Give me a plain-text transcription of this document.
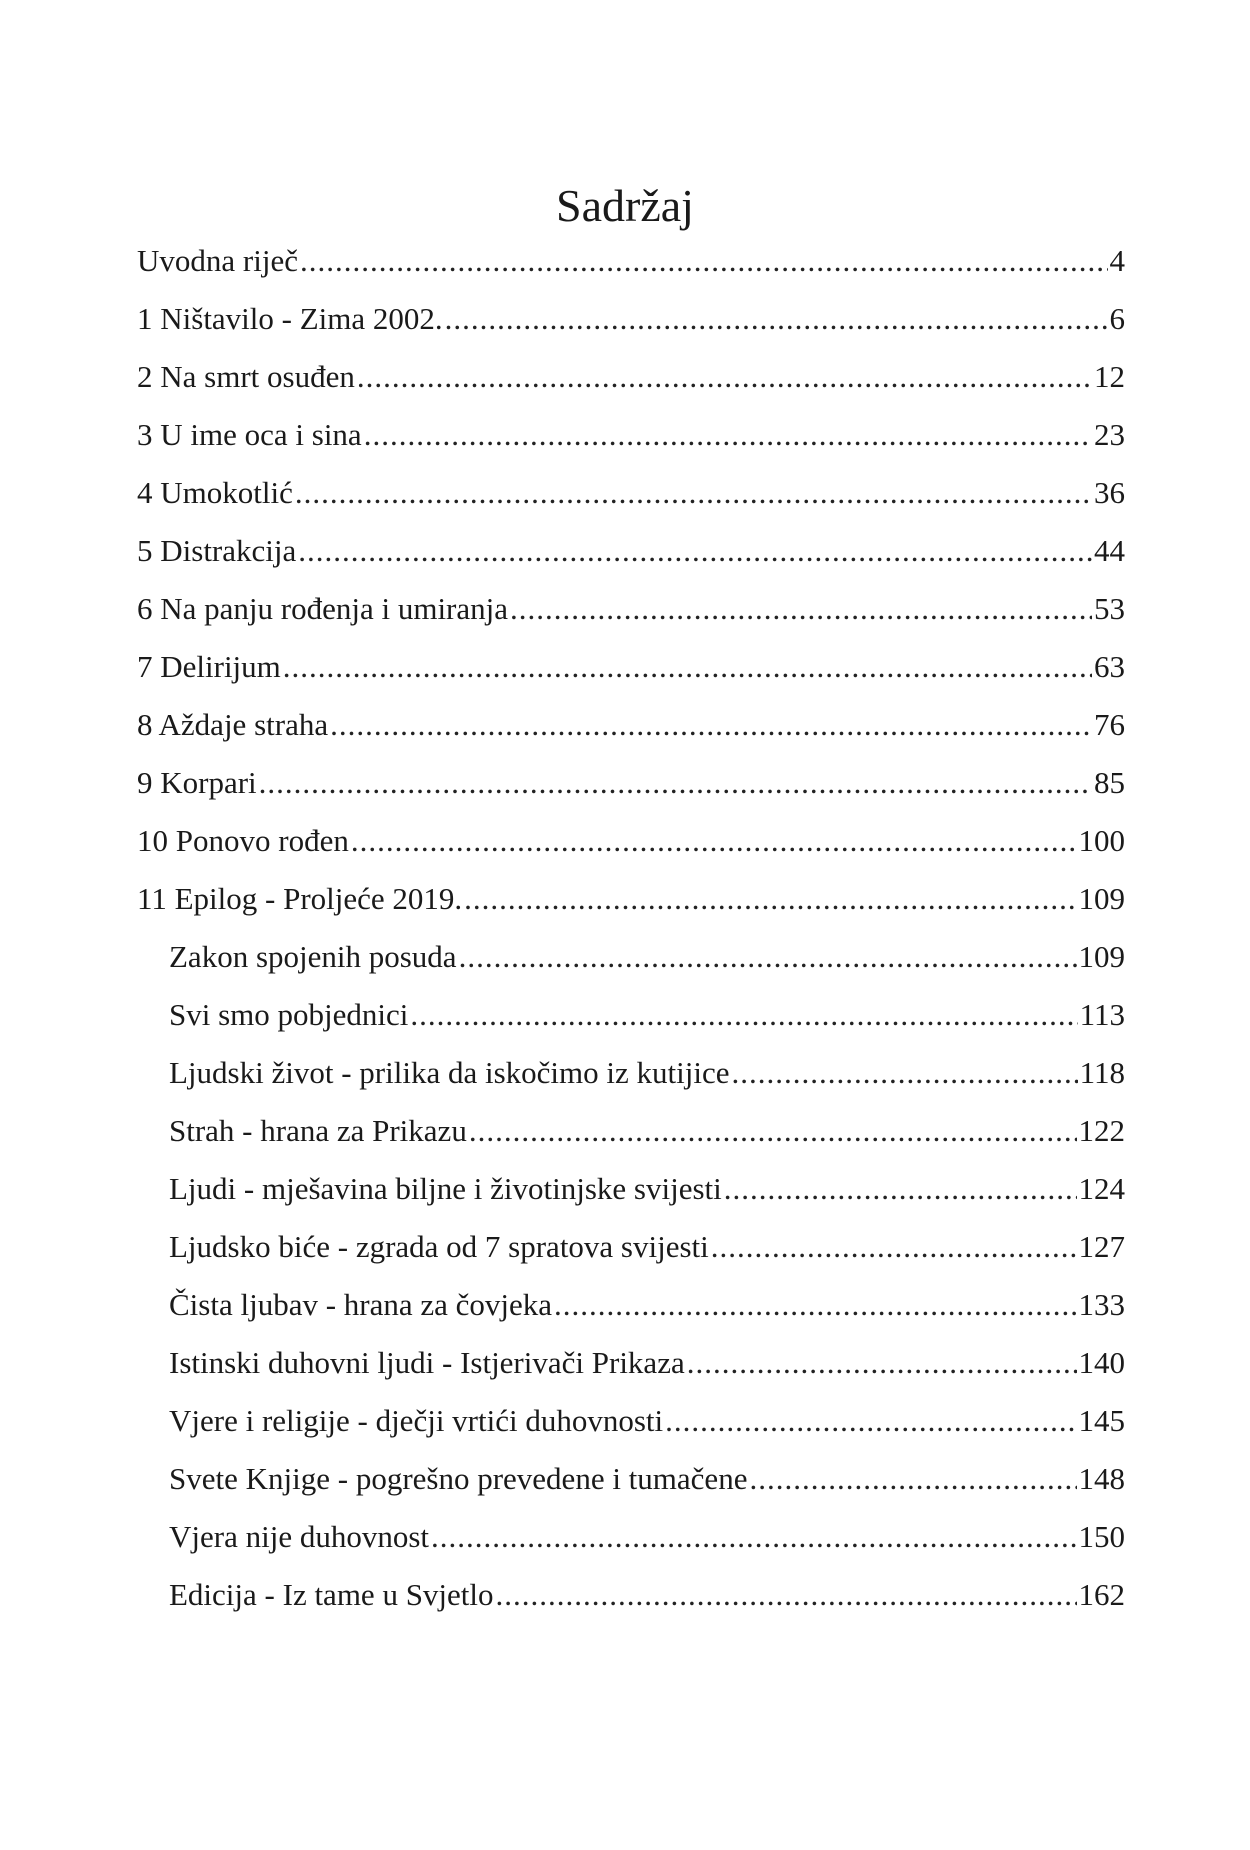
Sadržaj
Uvodna riječ .....	4
1 Ništavilo - Zima 2002. .....	6
2 Na smrt osuđen .....	12
3 U ime oca i sina .....	23
4 Umokotlić .....	36
5 Distrakcija .....	44
6 Na panju rođenja i umiranja .....	53
7 Delirijum .....	63
8 Aždaje straha .....	76
9 Korpari .....	85
10 Ponovo rođen .....	100
11 Epilog - Proljeće 2019. .....	109
Zakon spojenih posuda .....	109
Svi smo pobjednici .....	113
Ljudski život - prilika da iskočimo iz kutijice .....	118
Strah - hrana za Prikazu .....	122
Ljudi - mješavina biljne i životinjske svijesti .....	124
Ljudsko biće - zgrada od 7 spratova svijesti .....	127
Čista ljubav - hrana za čovjeka .....	133
Istinski duhovni ljudi - Istjerivači Prikaza .....	140
Vjere i religije - dječji vrtići duhovnosti .....	145
Svete Knjige - pogrešno prevedene i tumačene .....	148
Vjera nije duhovnost .....	150
Edicija - Iz tame u Svjetlo .....	162
